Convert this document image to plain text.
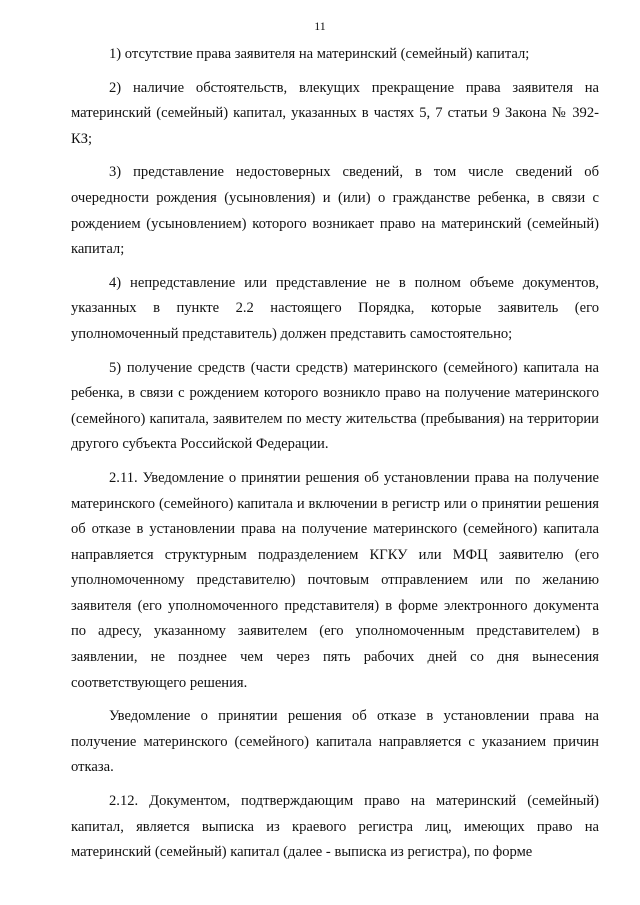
11

1) отсутствие права заявителя на материнский (семейный) капитал;

2) наличие обстоятельств, влекущих прекращение права заявителя на материнский (семейный) капитал, указанных в частях 5, 7 статьи 9 Закона № 392-КЗ;

3) представление недостоверных сведений, в том числе сведений об очередности рождения (усыновления) и (или) о гражданстве ребенка, в связи с рождением (усыновлением) которого возникает право на материнский (семейный) капитал;

4) непредставление или представление не в полном объеме документов, указанных в пункте 2.2 настоящего Порядка, которые заявитель (его уполномоченный представитель) должен представить самостоятельно;

5) получение средств (части средств) материнского (семейного) капитала на ребенка, в связи с рождением которого возникло право на получение материнского (семейного) капитала, заявителем по месту жительства (пребывания) на территории другого субъекта Российской Федерации.

2.11. Уведомление о принятии решения об установлении права на получение материнского (семейного) капитала и включении в регистр или о принятии решения об отказе в установлении права на получение материнского (семейного) капитала направляется структурным подразделением КГКУ или МФЦ заявителю (его уполномоченному представителю) почтовым отправлением или по желанию заявителя (его уполномоченного представителя) в форме электронного документа по адресу, указанному заявителем (его уполномоченным представителем) в заявлении, не позднее чем через пять рабочих дней со дня вынесения соответствующего решения.

Уведомление о принятии решения об отказе в установлении права на получение материнского (семейного) капитала направляется с указанием причин отказа.

2.12. Документом, подтверждающим право на материнский (семейный) капитал, является выписка из краевого регистра лиц, имеющих право на материнский (семейный) капитал (далее - выписка из регистра), по форме
